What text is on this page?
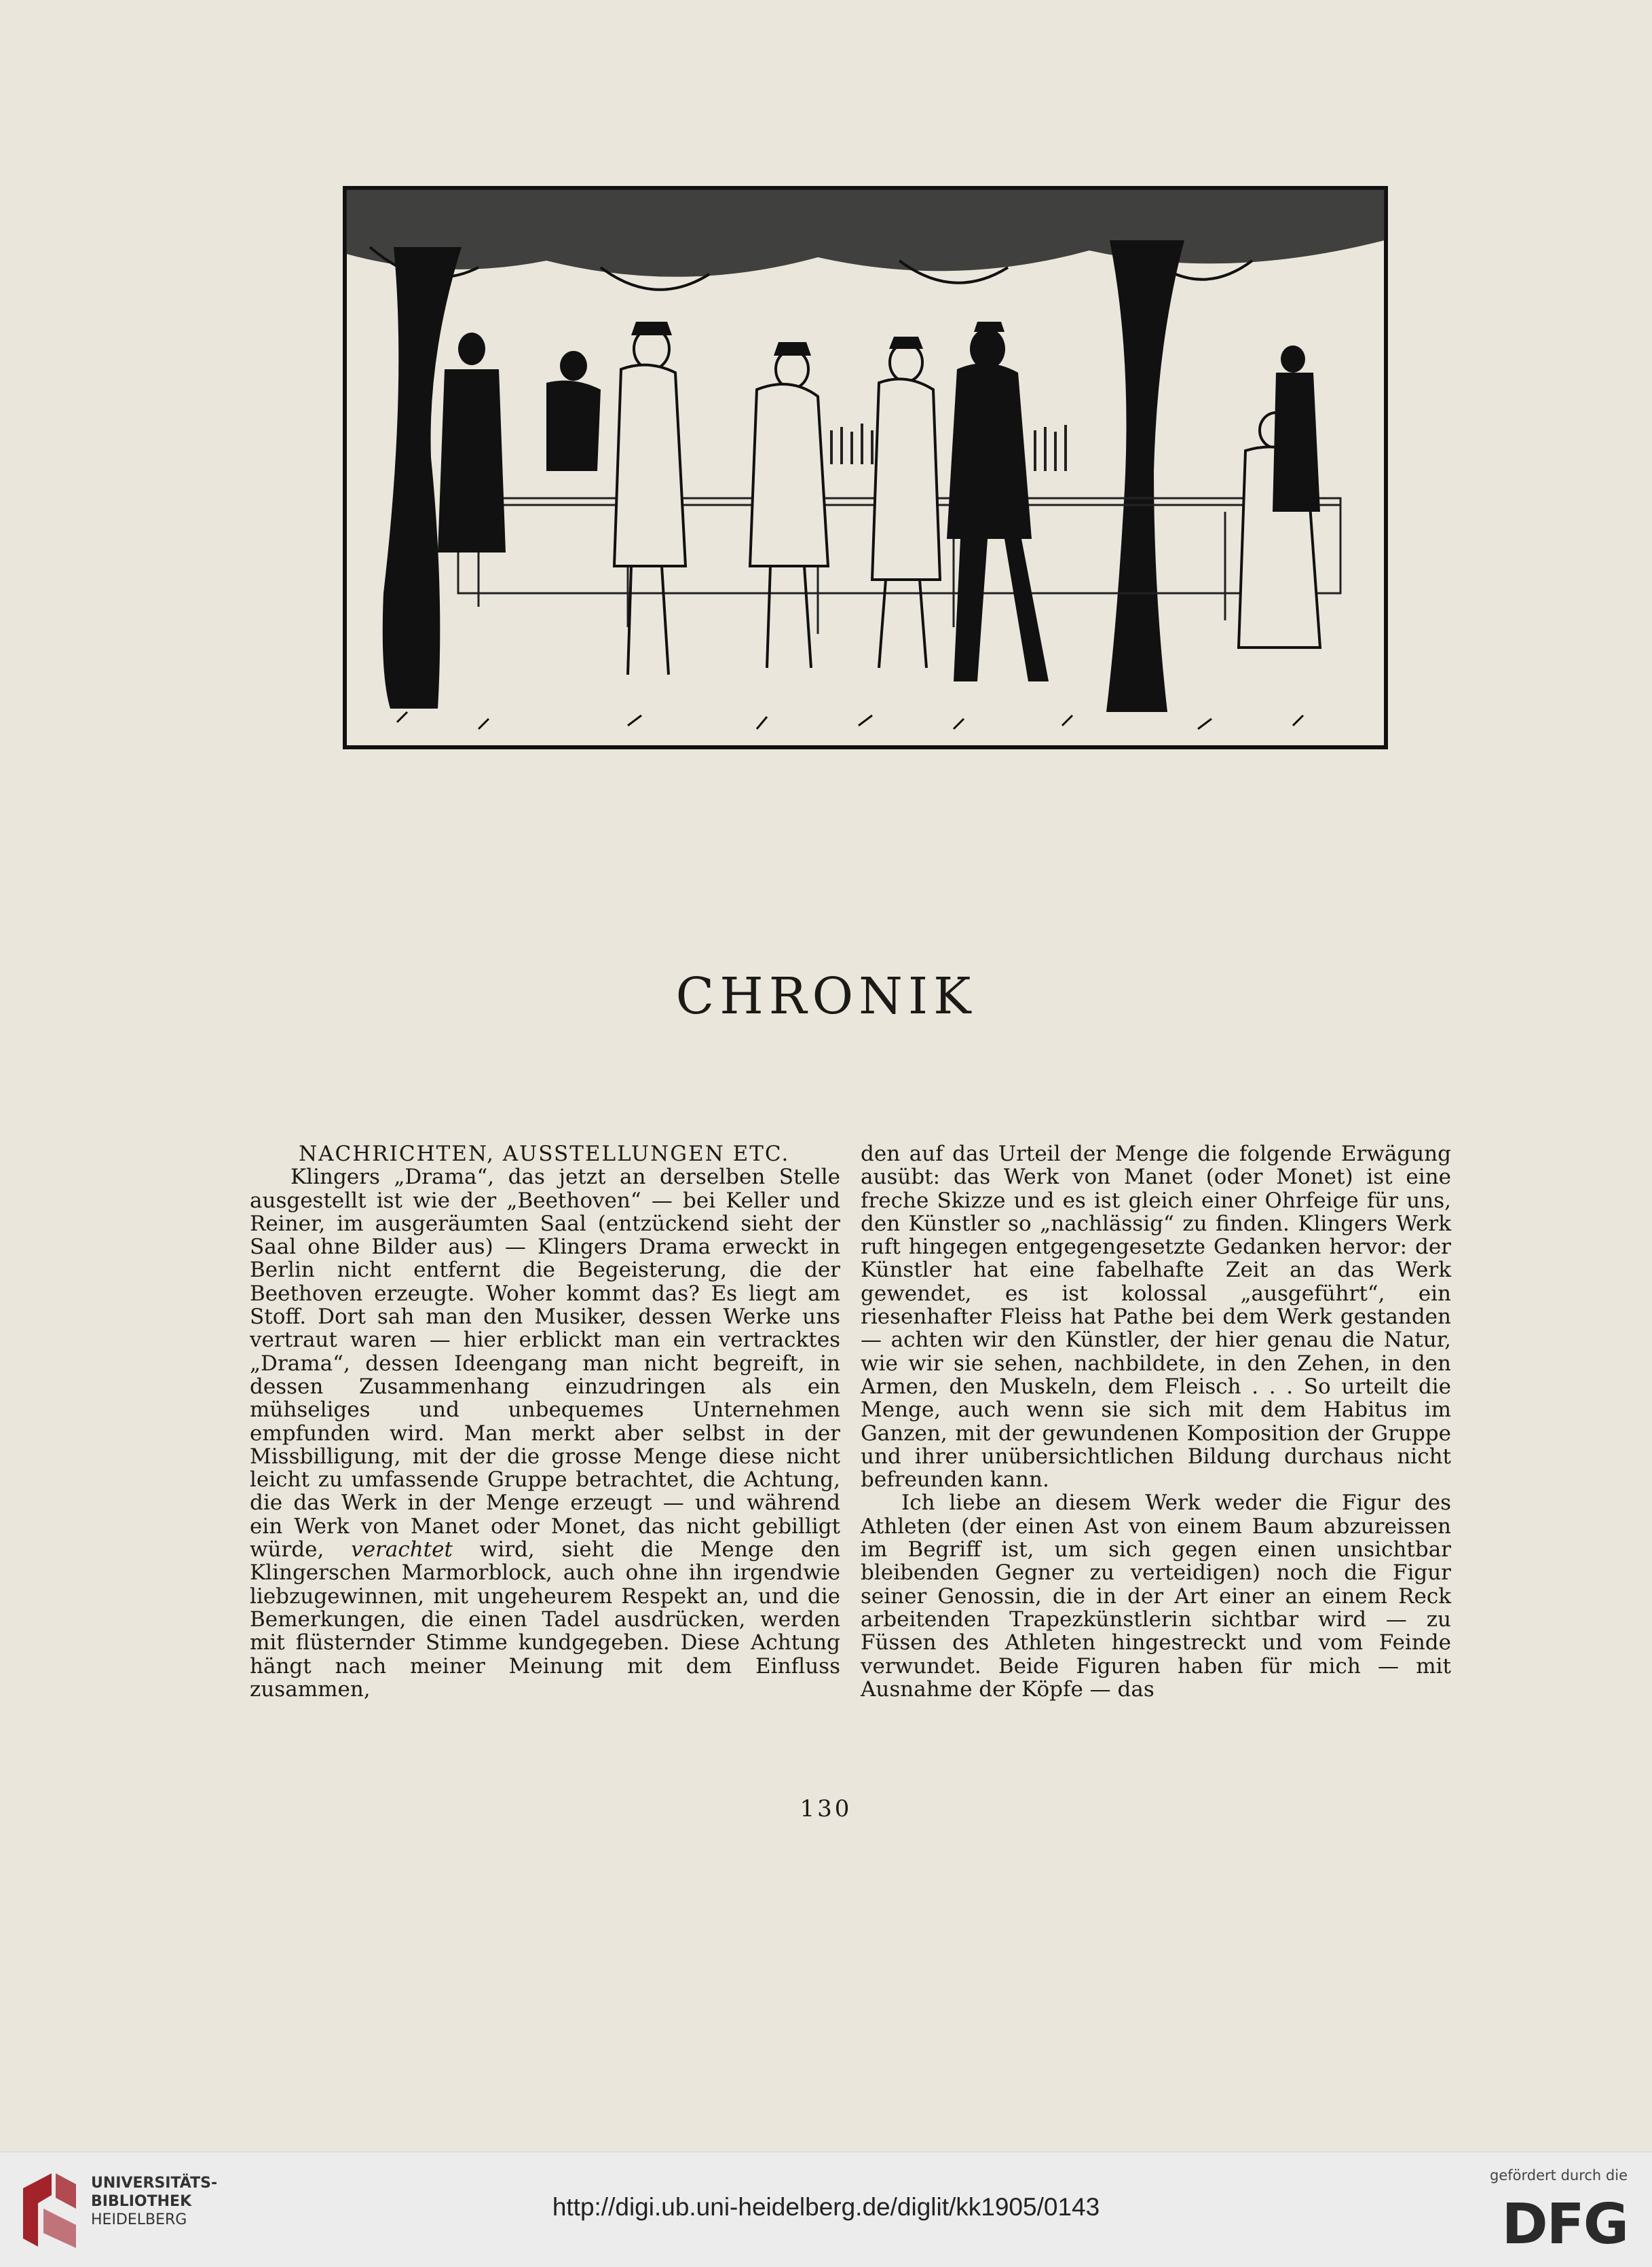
CHRONIK
NACHRICHTEN, AUSSTELLUNGEN ETC.

Klingers „Drama“, das jetzt an derselben Stelle ausgestellt ist wie der „Beethoven“ — bei Keller und Reiner, im ausgeräumten Saal (entzückend sieht der Saal ohne Bilder aus) — Klingers Drama erweckt in Berlin nicht entfernt die Begeisterung, die der Beethoven erzeugte. Woher kommt das? Es liegt am Stoff. Dort sah man den Musiker, dessen Werke uns vertraut waren — hier erblickt man ein vertracktes „Drama“, dessen Ideengang man nicht begreift, in dessen Zusammenhang einzudringen als ein mühseliges und unbequemes Unternehmen empfunden wird. Man merkt aber selbst in der Missbilligung, mit der die grosse Menge diese nicht leicht zu umfassende Gruppe betrachtet, die Achtung, die das Werk in der Menge erzeugt — und während ein Werk von Manet oder Monet, das nicht gebilligt würde, verachtet wird, sieht die Menge den Klingerschen Marmorblock, auch ohne ihn irgendwie liebzugewinnen, mit ungeheurem Respekt an, und die Bemerkungen, die einen Tadel ausdrücken, werden mit flüsternder Stimme kundgegeben. Diese Achtung hängt nach meiner Meinung mit dem Einfluss zusammen,

den auf das Urteil der Menge die folgende Erwägung ausübt: das Werk von Manet (oder Monet) ist eine freche Skizze und es ist gleich einer Ohrfeige für uns, den Künstler so „nachlässig“ zu finden. Klingers Werk ruft hingegen entgegengesetzte Gedanken hervor: der Künstler hat eine fabelhafte Zeit an das Werk gewendet, es ist kolossal „ausgeführt“, ein riesenhafter Fleiss hat Pathe bei dem Werk gestanden — achten wir den Künstler, der hier genau die Natur, wie wir sie sehen, nachbildete, in den Zehen, in den Armen, den Muskeln, dem Fleisch . . . So urteilt die Menge, auch wenn sie sich mit dem Habitus im Ganzen, mit der gewundenen Komposition der Gruppe und ihrer unübersichtlichen Bildung durchaus nicht befreunden kann.

Ich liebe an diesem Werk weder die Figur des Athleten (der einen Ast von einem Baum abzureissen im Begriff ist, um sich gegen einen unsichtbar bleibenden Gegner zu verteidigen) noch die Figur seiner Genossin, die in der Art einer an einem Reck arbeitenden Trapezkünstlerin sichtbar wird — zu Füssen des Athleten hingestreckt und vom Feinde verwundet. Beide Figuren haben für mich — mit Ausnahme der Köpfe — das

130
UNIVERSITÄTS-
BIBLIOTHEK
HEIDELBERG	http://digi.ub.uni-heidelberg.de/diglit/kk1905/0143
gefördert durch die
DFG
